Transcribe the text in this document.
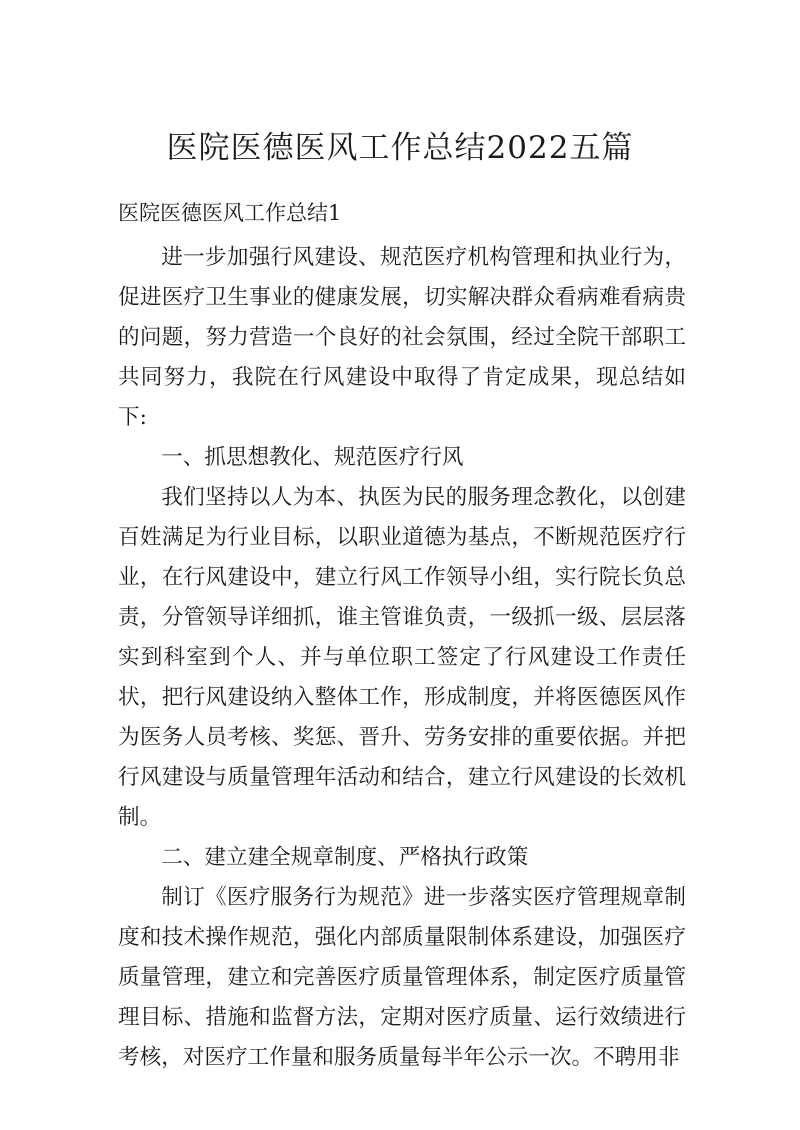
医院医德医风工作总结2022五篇

医院医德医风工作总结1

进一步加强行风建设、规范医疗机构管理和执业行为，促进医疗卫生事业的健康发展，切实解决群众看病难看病贵的问题，努力营造一个良好的社会氛围，经过全院干部职工共同努力，我院在行风建设中取得了肯定成果，现总结如下:

一、抓思想教化、规范医疗行风

我们坚持以人为本、执医为民的服务理念教化，以创建百姓满足为行业目标，以职业道德为基点，不断规范医疗行业，在行风建设中，建立行风工作领导小组，实行院长负总责，分管领导详细抓，谁主管谁负责，一级抓一级、层层落实到科室到个人、并与单位职工签定了行风建设工作责任状，把行风建设纳入整体工作，形成制度，并将医德医风作为医务人员考核、奖惩、晋升、劳务安排的重要依据。并把行风建设与质量管理年活动和结合，建立行风建设的长效机制。

二、建立建全规章制度、严格执行政策

制订《医疗服务行为规范》进一步落实医疗管理规章制度和技术操作规范，强化内部质量限制体系建设，加强医疗质量管理，建立和完善医疗质量管理体系，制定医疗质量管理目标、措施和监督方法，定期对医疗质量、运行效绩进行考核，对医疗工作量和服务质量每半年公示一次。不聘用非
